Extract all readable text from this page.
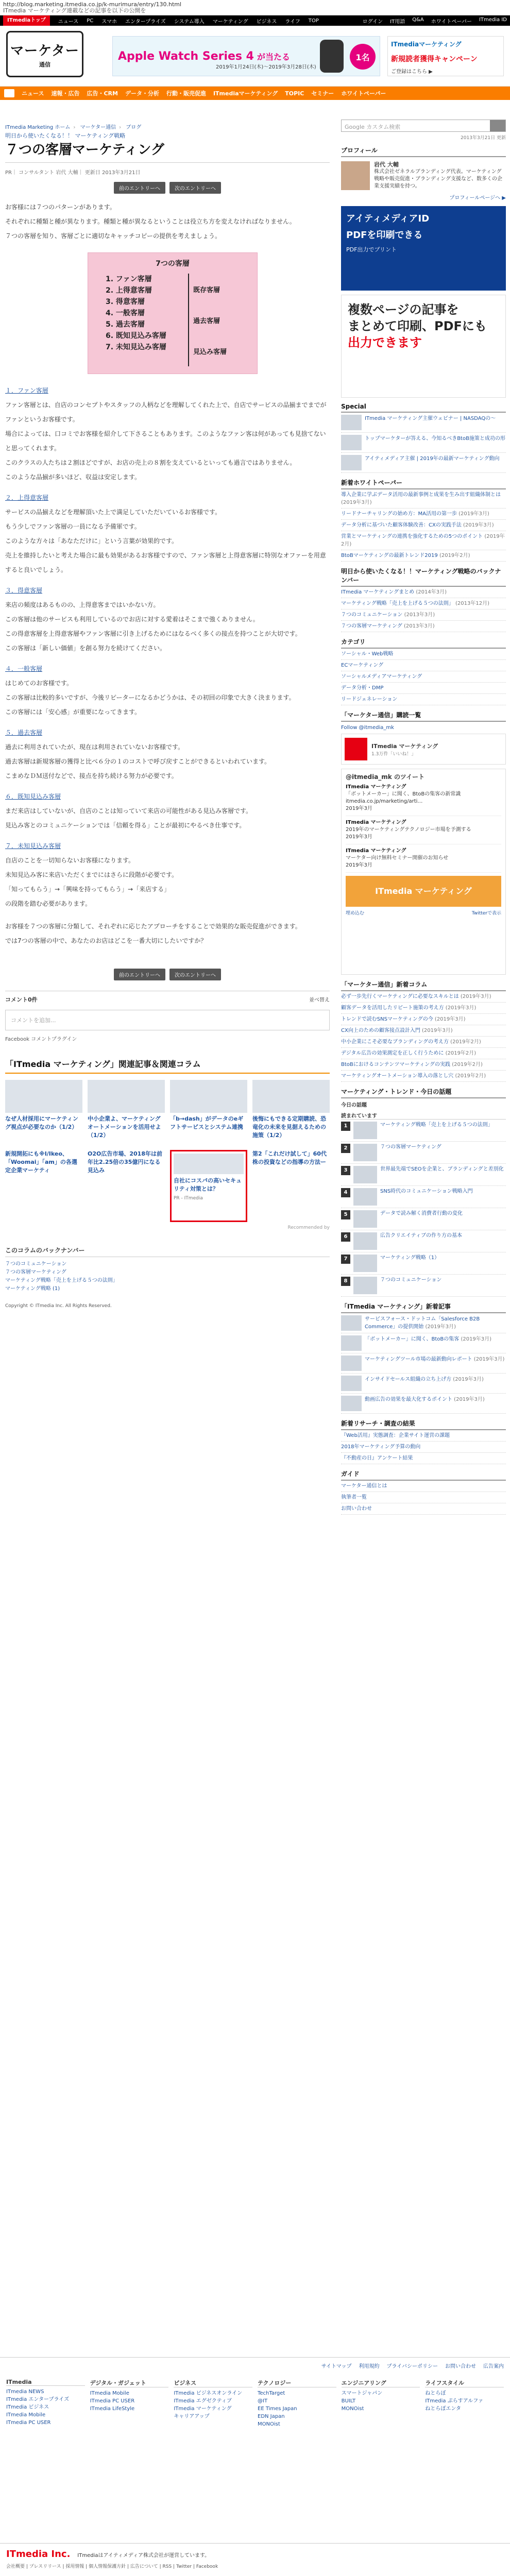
http://blog.marketing.itmedia.co.jp/k-murimura/entry/130.html
ITmedia マーケティング連載などの記事を以下の公開を
ITmediaトップ	ニュース PC スマホ エンタープライズ システム導入 マーケティング ビジネス ライフ TOP	ログイン IT用語 Q&A ホワイトペーパー ITmedia ID
マーケター
通信
Apple Watch Series 4 が当たる
2019年1月24日(木)〜2019年3月28日(木)
1名
ITmediaマーケティング
新規読者獲得キャンペーン
ご登録はこちら ▶
ニュース 速報・広告 広告・CRM データ・分析 行動・販売促進 ITmediaマーケティング TOPIC セミナー ホワイトペーパー
ITmedia Marketing ホーム › マーケター通信 › ブログ
明日から使いたくなる！！ マーケティング戦略
７つの客層マーケティング
PR｜ コンサルタント 岩代 大輔｜ 更新日 2013年3月21日
前のエントリーへ	次のエントリーへ
お客様には７つのパターンがあります。
それぞれに種類と種が異なります。種類と種が異なるということは役立ち方を変えなければなりません。
７つの客層を知り、客層ごとに適切なキャッチコピーの提供を考えましょう。
7つの客層
1. ファン客層
2. 上得意客層
3. 得意客層
4. 一般客層
5. 過去客層
6. 既知見込み客層
7. 未知見込み客層
既存客層
過去客層
見込み客層
１．ファン客層
ファン客層とは、自店のコンセプトやスタッフの人柄などを理解してくれた上で、自店でサービスの品揃までまでがファンというお客様です。
場合によっては、口コミでお客様を紹介して下さることもあります。このようなファン客は何があっても見捨てないと思ってくれます。
このクラスの人たちは２割ほどですが、お店の売上の８割を支えているといっても過言ではありません。
このような品揃が多いほど、収益は安定します。
２．上得意客層
サービスの品揃えなどを理解頂いた上で満足していただいているお客様です。
もう少しでファン客層の一員になる予備軍です。
このような方々は「あなただけに」という言葉が効果的です。
売上を維持したいと考えた場合に最も効果があるお客様ですので、ファン客層と上得意客層に特別なオファーを用意すると良いでしょう。
３．得意客層
来店の頻度はあるものの、上得意客まではいかない方。
この客層は他のサービスも利用しているのでお店に対する愛着はそこまで強くありません。
この得意客層を上得意客層やファン客層に引き上げるためにはなるべく多くの接点を持つことが大切です。
この客層は「新しい価値」を創る努力を続けてください。
４．一般客層
はじめてのお客様です。
この客層は比較的多いですが、今後リピーターになるかどうかは、その初回の印象で大きく決まります。
この客層には「安心感」が重要になってきます。
５．過去客層
過去に利用されていたが、現在は利用されていないお客様です。
過去客層は新規客層の獲得と比べ６分の１のコストで呼び戻すことができるといわれています。
こまめなＤＭ送付などで、接点を持ち続ける努力が必要です。
６．既知見込み客層
まだ来店はしていないが、自店のことは知っていて来店の可能性がある見込み客層です。
見込み客とのコミュニケーションでは「信頼を得る」ことが最初にやるべき仕事です。
７．未知見込み客層
自店のことを一切知らないお客様になります。
未知見込み客に来店いただくまでにはさらに段階が必要です。
「知ってもらう」→「興味を持ってもらう」→「来店する」
の段階を踏む必要があります。
お客様を７つの客層に分類して、それぞれに応じたアプローチをすることで効果的な販売促進ができます。
では7つの客層の中で、あなたのお店はどこを一番大切にしたいですか？
前のエントリーへ	次のエントリーへ
コメント0件	並べ替え
コメントを追加...
Facebook コメントプラグイン
「ITmedia マーケティング」関連記事＆関連コラム
なぜ人材採用にマーケティング視点が必要なのか（1/2）
中小企業よ、マーケティングオートメーションを活用せよ（1/2）
「b→dash」がデータのeギフトサービスとシステム連携
後悔にもできる定期購読、恐竜化の未来を見据えるための施策（1/2）
新規開拓にも※I/Ikeo、「Woomai」「am」の各選定企業マーケティ
O2O広告市場、2018年は前年比2.25倍の35億円になる見込み
自社にコスパの高いセキュリティ対策とは？
PR - ITmedia
第2「これだけ試して」60代株の投資などの指導の方法ー
Recommended by
このコラムのバックナンバー
７つのコミュニケーション
７つの客層マーケティング
マーケティング戦略「売上を上げる５つの法則」
マーケティング戦略 (1)
Copyright © ITmedia Inc. All Rights Reserved.
Google カスタム検索
2013年3月21日 更新
プロフィール
岩代 大輔
株式会社ゼネラルブランディング代表。マーケティング戦略や販売促進・ブランディング支援など、数多くの企業支援実績を持つ。
プロフィールページへ ▶
アイティメディアID
PDFを印刷できる
PDF出力でプリント
複数ページの記事を
まとめて印刷、PDFにも
出力できます
Special
ITmedia マーケティング主催ウェビナー | NASDAQの〜
トップマーケターが答える、今知るべきBtoB施策と成功の形
アイティメディア主催 | 2019年の最新マーケティング動向
新着ホワイトペーパー
導入企業に学ぶデータ活用の最新事例と成果を生み出す組織体制とは (2019年3月)
リードナーチャリングの始め方：MA活用の第一歩 (2019年3月)
データ分析に基づいた顧客体験改善：CXの実践手法 (2019年3月)
営業とマーケティングの連携を強化するための5つのポイント (2019年2月)
BtoBマーケティングの最新トレンド2019 (2019年2月)
明日から使いたくなる！！マーケティング戦略のバックナンバー
ITmedia マーケティングまとめ (2014年3月)
マーケティング戦略「売上を上げる５つの法則」 (2013年12月)
７つのコミュニケーション (2013年3月)
７つの客層マーケティング (2013年3月)
カテゴリ
ソーシャル・Web戦略
ECマーケティング
ソーシャルメディアマーケティング
データ分析・DMP
リードジェネレーション
「マーケター通信」購読一覧
Follow @itmedia_mk
ITmedia マーケティング
1.3万件「いいね！」
@itmedia_mk のツイート
ITmedia マーケティング
「ボットメーカー」に聞く、BtoBの集客の新常識 itmedia.co.jp/marketing/arti…
2019年3月
ITmedia マーケティング
2019年のマーケティングテクノロジー市場を予測する
2019年3月
ITmedia マーケティング
マーケター向け無料セミナー開催のお知らせ
2019年3月
ITmedia マーケティング
埋め込む	Twitterで表示
「マーケター通信」新着コラム
必ず一歩先行くマーケティングに必要なスキルとは (2019年3月)
顧客データを活用したリピート施策の考え方 (2019年3月)
トレンドで読むSNSマーケティングの今 (2019年3月)
CX向上のための顧客接点設計入門 (2019年3月)
中小企業にこそ必要なブランディングの考え方 (2019年2月)
デジタル広告の効果測定を正しく行うために (2019年2月)
BtoBにおけるコンテンツマーケティングの実践 (2019年2月)
マーケティングオートメーション導入の落とし穴 (2019年2月)
マーケティング・トレンド・今日の話題
今日の話題
読まれています
1	マーケティング戦略「売上を上げる５つの法則」
2	７つの客層マーケティング
3	世界最先端でSEOを企業と、ブランディングと差別化
4	SNS時代のコミュニケーション戦略入門
5	データで読み解く消費者行動の変化
6	広告クリエイティブの作り方の基本
7	マーケティング戦略（1）
8	７つのコミュニケーション
「ITmedia マーケティング」新着記事
サービスフォース・ドットコム「Salesforce B2B Commerce」の提供開始 (2019年3月)
「ボットメーカー」に聞く、BtoBの集客 (2019年3月)
マーケティングツール市場の最新動向レポート (2019年3月)
インサイドセールス組織の立ち上げ方 (2019年3月)
動画広告の効果を最大化するポイント (2019年3月)
新着リサーチ・調査の結果
『Web活用』実態調査：企業サイト運営の課題
2018年マーケティング予算の動向
『不動産の日』アンケート結果
ガイド
マーケター通信とは
執筆者一覧
お問い合わせ
サイトマップ 利用規約 プライバシーポリシー お問い合わせ 広告案内
ITmedia
ITmedia NEWS
ITmedia エンタープライズ
ITmedia ビジネス
ITmedia Mobile
ITmedia PC USER
デジタル・ガジェット
ITmedia Mobile
ITmedia PC USER
ITmedia LifeStyle
ビジネス
ITmedia ビジネスオンライン
ITmedia エグゼクティブ
ITmedia マーケティング
キャリアアップ
テクノロジー
TechTarget
@IT
EE Times Japan
EDN Japan
MONOist
エンジニアリング
スマートジャパン
BUILT
MONOist
ライフスタイル
ねとらぼ
ITmedia ぷらすアルファ
ねとらぼエンタ
ITmedia Inc. ITmediaはアイティメディア株式会社が運営しています。
会社概要 | プレスリリース | 採用情報 | 個人情報保護方針 | 広告について | RSS | Twitter | Facebook
